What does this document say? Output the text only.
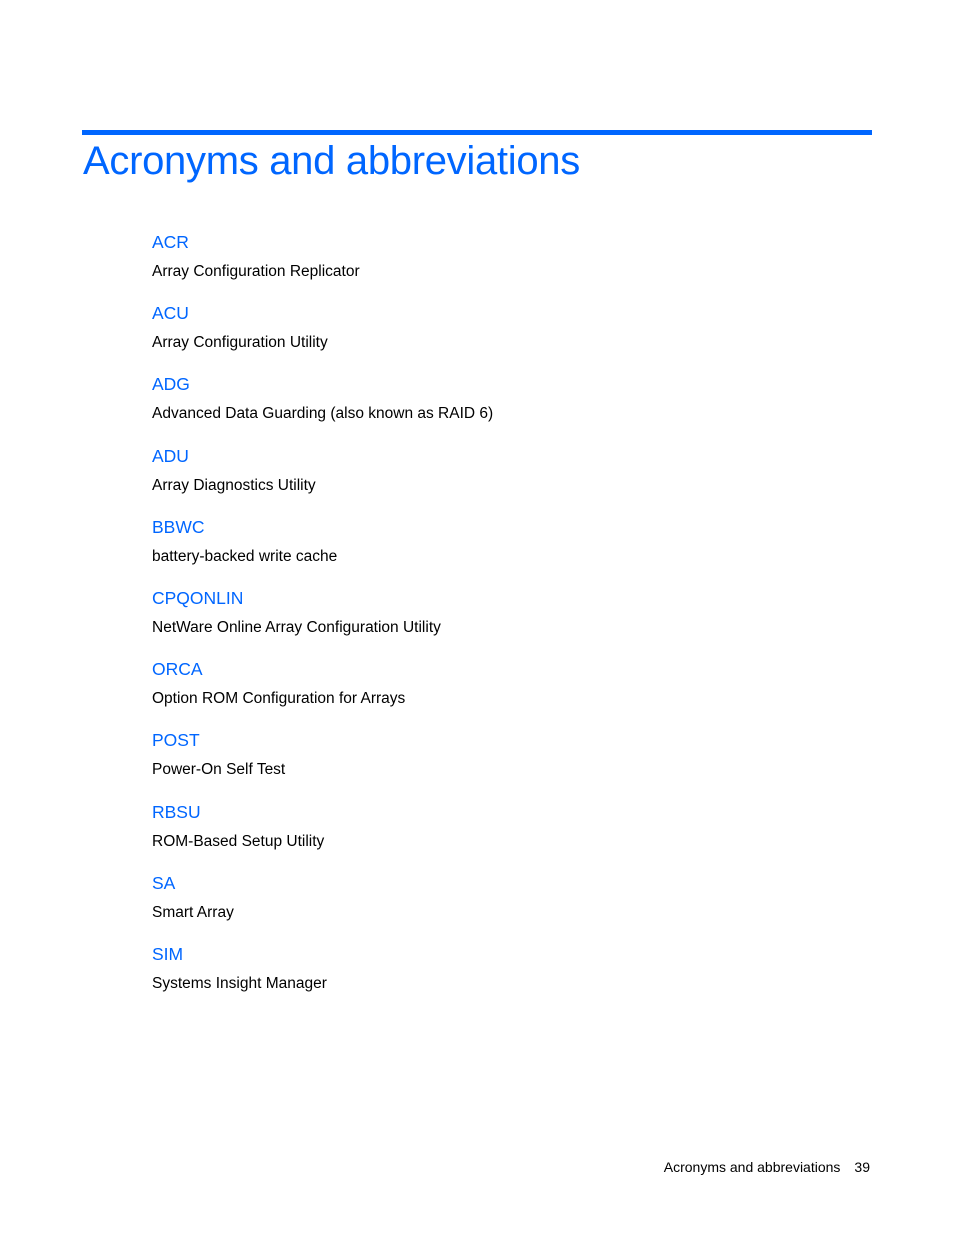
Acronyms and abbreviations
ACR
Array Configuration Replicator
ACU
Array Configuration Utility
ADG
Advanced Data Guarding (also known as RAID 6)
ADU
Array Diagnostics Utility
BBWC
battery-backed write cache
CPQONLIN
NetWare Online Array Configuration Utility
ORCA
Option ROM Configuration for Arrays
POST
Power-On Self Test
RBSU
ROM-Based Setup Utility
SA
Smart Array
SIM
Systems Insight Manager
Acronyms and abbreviations 39
